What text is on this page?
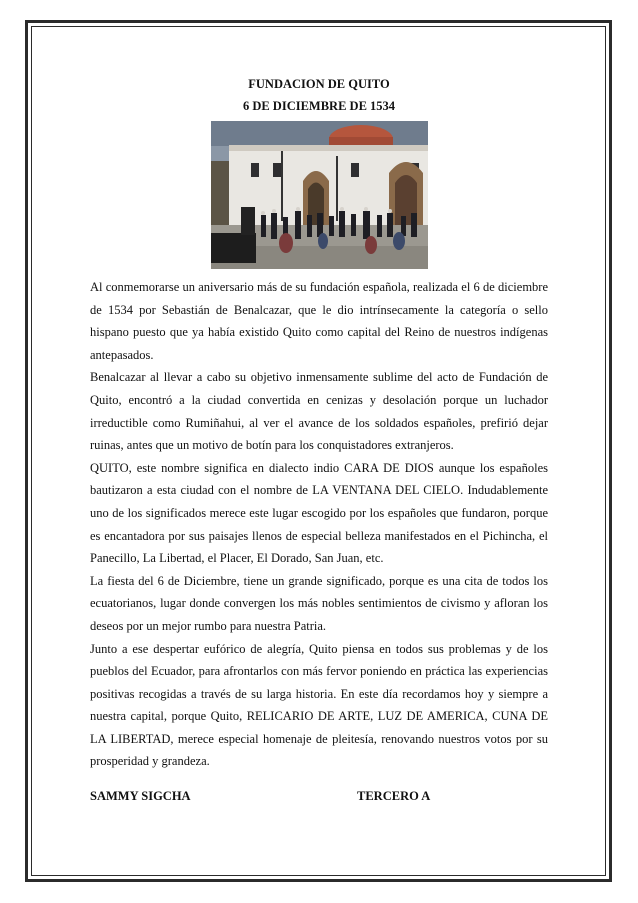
FUNDACION DE QUITO
6 DE DICIEMBRE DE 1534

Al conmemorarse un aniversario más de su fundación española, realizada el 6 de diciembre de 1534 por Sebastián de Benalcazar, que le dio intrínsecamente la categoría o sello hispano puesto que ya había existido Quito como capital del Reino de nuestros indígenas antepasados.

Benalcazar al llevar a cabo su objetivo inmensamente sublime del acto de Fundación de Quito, encontró a la ciudad convertida en cenizas y desolación porque un luchador irreductible como Rumiñahui, al ver el avance de los soldados españoles, prefirió dejar ruinas, antes que un motivo de botín para los conquistadores extranjeros.

QUITO, este nombre significa en dialecto indio CARA DE DIOS aunque los españoles bautizaron a esta ciudad con el nombre de LA VENTANA DEL CIELO. Indudablemente uno de los significados merece este lugar escogido por los españoles que fundaron, porque es encantadora por sus paisajes llenos de especial belleza manifestados en el Pichincha, el Panecillo, La Libertad, el Placer, El Dorado, San Juan, etc.

La fiesta del 6 de Diciembre, tiene un grande significado, porque es una cita de todos los ecuatorianos, lugar donde convergen los más nobles sentimientos de civismo y afloran los deseos por un mejor rumbo para nuestra Patria.

Junto a ese despertar eufórico de alegría, Quito piensa en todos sus problemas y de los pueblos del Ecuador, para afrontarlos con más fervor poniendo en práctica las experiencias positivas recogidas a través de su larga historia. En este día recordamos hoy y siempre a nuestra capital, porque Quito, RELICARIO DE ARTE, LUZ DE AMERICA, CUNA DE LA LIBERTAD, merece especial homenaje de pleitesía, renovando nuestros votos por su prosperidad y grandeza.

SAMMY SIGCHA	TERCERO A
